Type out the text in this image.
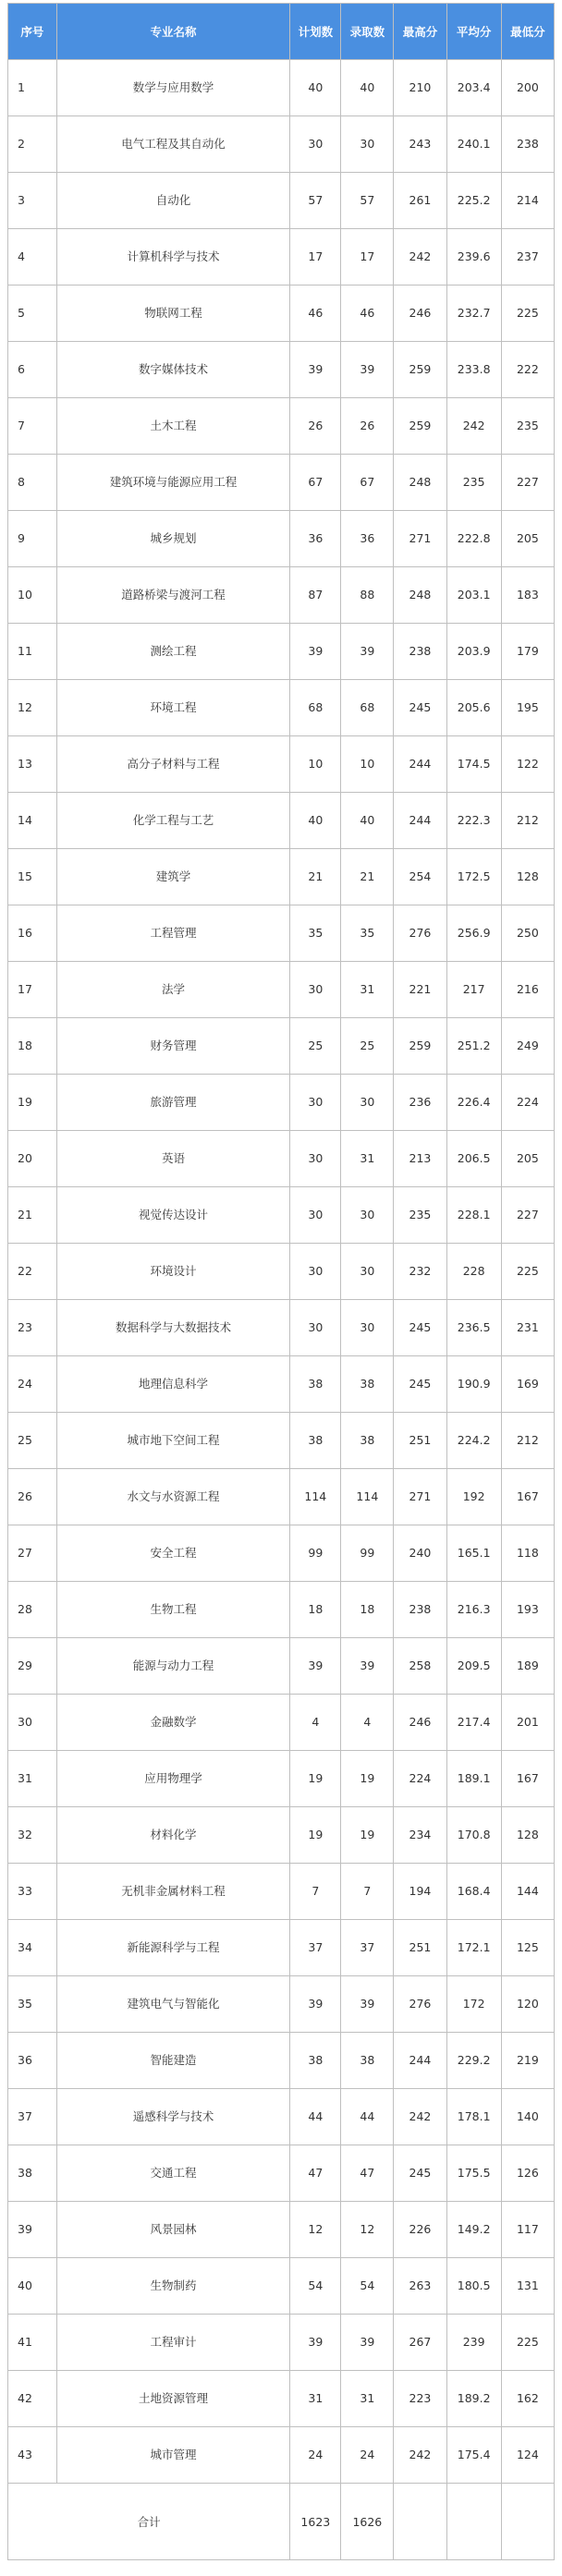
序号	专业名称	计划数	录取数	最高分	平均分	最低分
1	数学与应用数学	40	40	210	203.4	200
2	电气工程及其自动化	30	30	243	240.1	238
3	自动化	57	57	261	225.2	214
4	计算机科学与技术	17	17	242	239.6	237
5	物联网工程	46	46	246	232.7	225
6	数字媒体技术	39	39	259	233.8	222
7	土木工程	26	26	259	242	235
8	建筑环境与能源应用工程	67	67	248	235	227
9	城乡规划	36	36	271	222.8	205
10	道路桥梁与渡河工程	87	88	248	203.1	183
11	测绘工程	39	39	238	203.9	179
12	环境工程	68	68	245	205.6	195
13	高分子材料与工程	10	10	244	174.5	122
14	化学工程与工艺	40	40	244	222.3	212
15	建筑学	21	21	254	172.5	128
16	工程管理	35	35	276	256.9	250
17	法学	30	31	221	217	216
18	财务管理	25	25	259	251.2	249
19	旅游管理	30	30	236	226.4	224
20	英语	30	31	213	206.5	205
21	视觉传达设计	30	30	235	228.1	227
22	环境设计	30	30	232	228	225
23	数据科学与大数据技术	30	30	245	236.5	231
24	地理信息科学	38	38	245	190.9	169
25	城市地下空间工程	38	38	251	224.2	212
26	水文与水资源工程	114	114	271	192	167
27	安全工程	99	99	240	165.1	118
28	生物工程	18	18	238	216.3	193
29	能源与动力工程	39	39	258	209.5	189
30	金融数学	4	4	246	217.4	201
31	应用物理学	19	19	224	189.1	167
32	材料化学	19	19	234	170.8	128
33	无机非金属材料工程	7	7	194	168.4	144
34	新能源科学与工程	37	37	251	172.1	125
35	建筑电气与智能化	39	39	276	172	120
36	智能建造	38	38	244	229.2	219
37	遥感科学与技术	44	44	242	178.1	140
38	交通工程	47	47	245	175.5	126
39	风景园林	12	12	226	149.2	117
40	生物制药	54	54	263	180.5	131
41	工程审计	39	39	267	239	225
42	土地资源管理	31	31	223	189.2	162
43	城市管理	24	24	242	175.4	124
合计		1623	1626			
